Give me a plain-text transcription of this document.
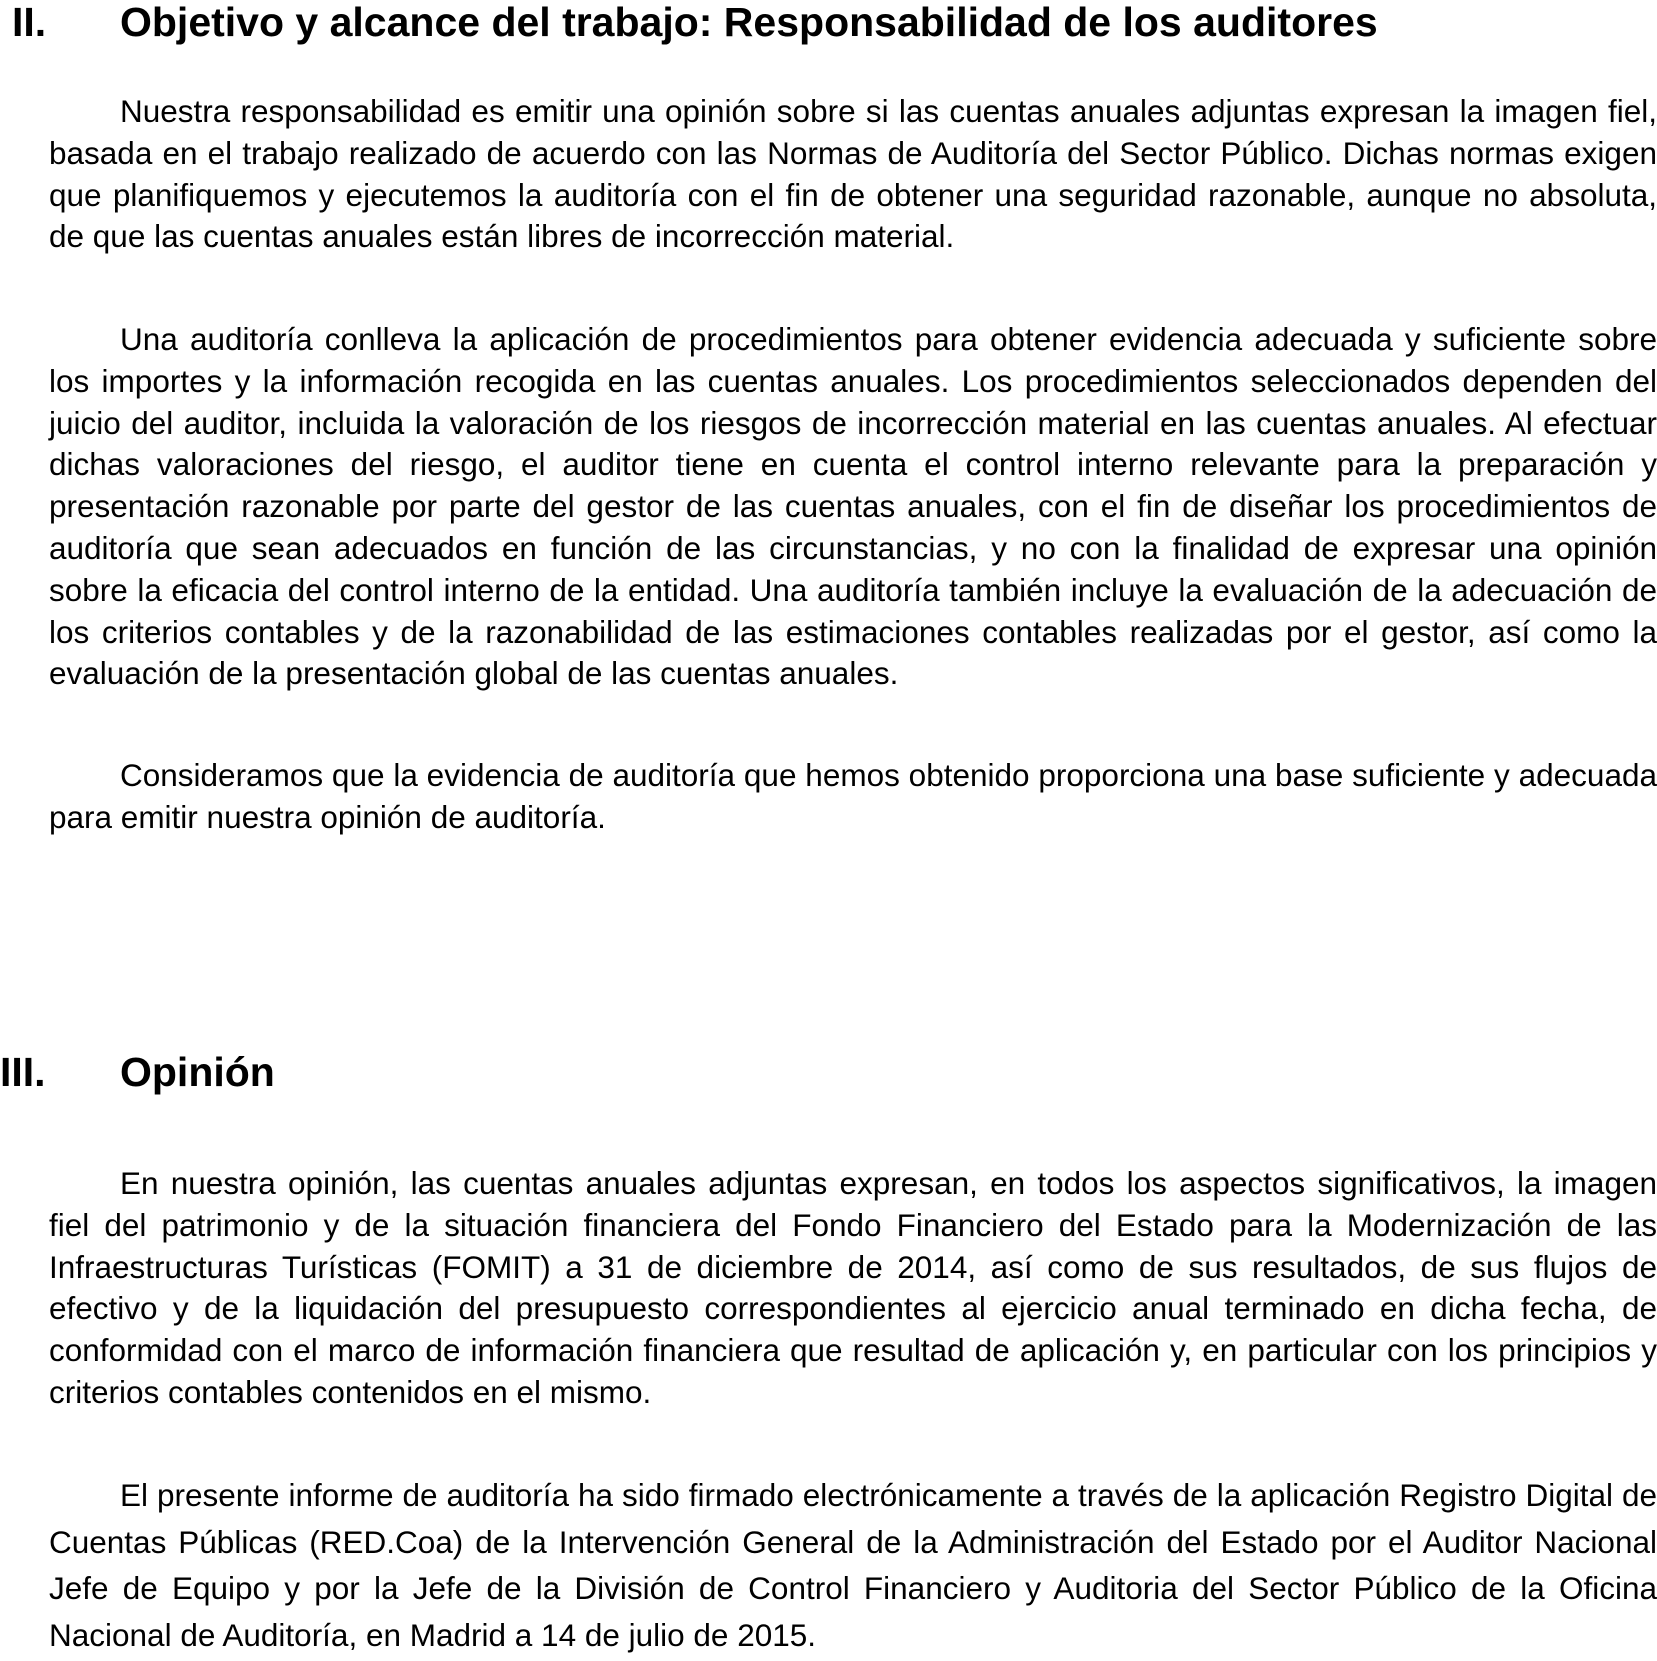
II. Objetivo y alcance del trabajo: Responsabilidad de los auditores

Nuestra responsabilidad es emitir una opinión sobre si las cuentas anuales adjuntas expresan la imagen fiel, basada en el trabajo realizado de acuerdo con las Normas de Auditoría del Sector Público. Dichas normas exigen que planifiquemos y ejecutemos la auditoría con el fin de obtener una seguridad razonable, aunque no absoluta, de que las cuentas anuales están libres de incorrección material.

Una auditoría conlleva la aplicación de procedimientos para obtener evidencia adecuada y suficiente sobre los importes y la información recogida en las cuentas anuales. Los procedimientos seleccionados dependen del juicio del auditor, incluida la valoración de los riesgos de incorrección material en las cuentas anuales. Al efectuar dichas valoraciones del riesgo, el auditor tiene en cuenta el control interno relevante para la preparación y presentación razonable por parte del gestor de las cuentas anuales, con el fin de diseñar los procedimientos de auditoría que sean adecuados en función de las circunstancias, y no con la finalidad de expresar una opinión sobre la eficacia del control interno de la entidad. Una auditoría también incluye la evaluación de la adecuación de los criterios contables y de la razonabilidad de las estimaciones contables realizadas por el gestor, así como la evaluación de la presentación global de las cuentas anuales.

Consideramos que la evidencia de auditoría que hemos obtenido proporciona una base suficiente y adecuada para emitir nuestra opinión de auditoría.

III. Opinión

En nuestra opinión, las cuentas anuales adjuntas expresan, en todos los aspectos significativos, la imagen fiel del patrimonio y de la situación financiera del Fondo Financiero del Estado para la Modernización de las Infraestructuras Turísticas (FOMIT) a 31 de diciembre de 2014, así como de sus resultados, de sus flujos de efectivo y de la liquidación del presupuesto correspondientes al ejercicio anual terminado en dicha fecha, de conformidad con el marco de información financiera que resultad de aplicación y, en particular con los principios y criterios contables contenidos en el mismo.

El presente informe de auditoría ha sido firmado electrónicamente a través de la aplicación Registro Digital de Cuentas Públicas (RED.Coa) de la Intervención General de la Administración del Estado por el Auditor Nacional Jefe de Equipo y por la Jefe de la División de Control Financiero y Auditoria del Sector Público de la Oficina Nacional de Auditoría, en Madrid a 14 de julio de 2015.
